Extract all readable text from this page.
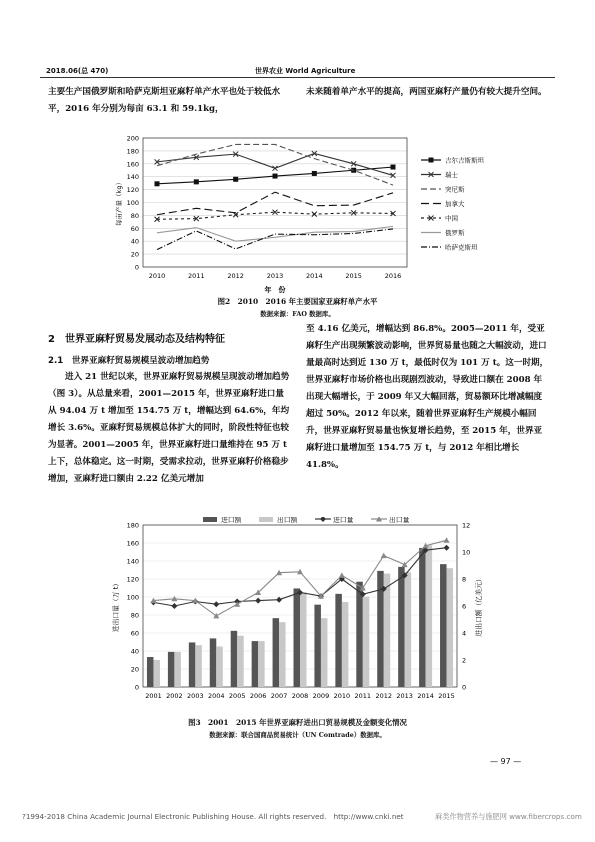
2018.06(总 470)	世界农业 World Agriculture

主要生产国俄罗斯和哈萨克斯坦亚麻籽单产水平也处于较低水平，2016 年分别为每亩 63.1 和 59.1kg，

未来随着单产水平的提高，两国亚麻籽产量仍有较大提升空间。

0
20
40
60
80
100
120
140
160
180
200
2010	2011	2012	2013	2014	2015	2016
年　份
每亩产量（kg）
吉尔吉斯斯坦
瑞士
突尼斯
加拿大
中国
俄罗斯
哈萨克斯坦
图2　2010　2016 年主要国家亚麻籽单产水平
数据来源：FAO 数据库。
2　世界亚麻籽贸易发展动态及结构特征
2.1　世界亚麻籽贸易规模呈波动增加趋势

进入 21 世纪以来，世界亚麻籽贸易规模呈现波动增加趋势（图 3）。从总量来看，2001—2015 年，世界亚麻籽进口量从 94.04 万 t 增加至 154.75 万 t，增幅达到 64.6%，年均增长 3.6%。亚麻籽贸易规模总体扩大的同时，阶段性特征也较为显著。2001—2005 年，世界亚麻籽进口量维持在 95 万 t 上下，总体稳定。这一时期，受需求拉动，世界亚麻籽价格稳步增加，亚麻籽进口额由 2.22 亿美元增加

至 4.16 亿美元，增幅达到 86.8%。2005—2011 年，受亚麻籽生产出现频繁波动影响，世界贸易量也随之大幅波动，进口量最高时达到近 130 万 t，最低时仅为 101 万 t。这一时期，世界亚麻籽市场价格也出现剧烈波动，导致进口额在 2008 年出现大幅增长，于 2009 年又大幅回落，贸易额环比增减幅度超过 50%。2012 年以来，随着世界亚麻籽生产规模小幅回升，世界亚麻籽贸易量也恢复增长趋势，至 2015 年，世界亚麻籽进口量增加至 154.75 万 t，与 2012 年相比增长 41.8%。

0
20
40
60
80
100
120
140
160
180
0
2
4
6
8
10
12
进出口量（万 t）	进出口额（亿美元）
2001 2002 2003 2004 2005 2006 2007 2008 2009 2010 2011 2012 2013 2014 2015
进口额	出口额	进口量	出口量
图3　2001　2015 年世界亚麻籽进出口贸易规模及金额变化情况
数据来源：联合国商品贸易统计（UN Comtrade）数据库。
— 97 —
?1994-2018 China Academic Journal Electronic Publishing House. All rights reserved.　http://www.cnki.net	麻类作物营养与施肥网 www.fibercrops.com
